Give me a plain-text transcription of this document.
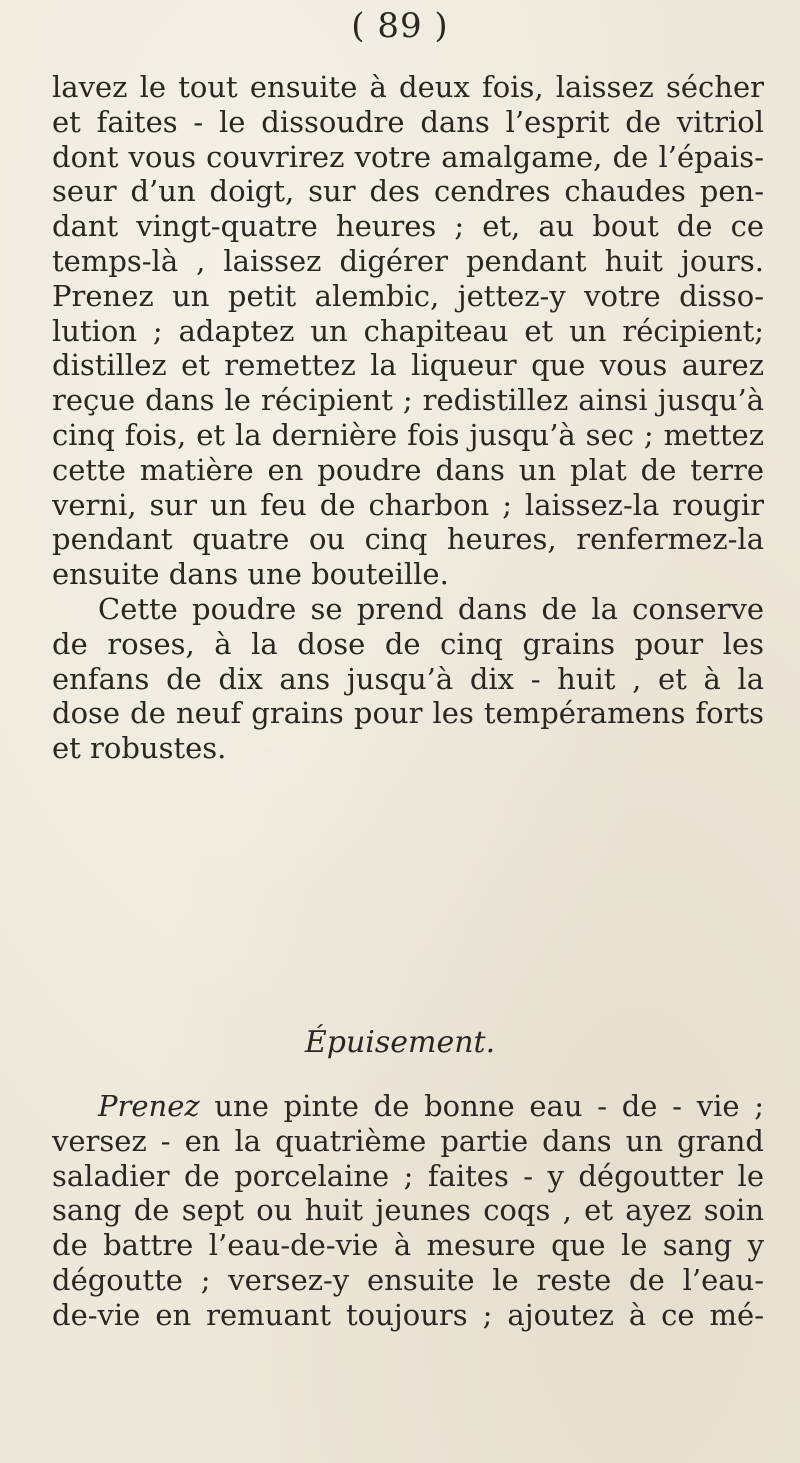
( 89 )
lavez le tout ensuite à deux fois, laissez sécher
et faites - le dissoudre dans l’esprit de vitriol
dont vous couvrirez votre amalgame, de l’épais-
seur d’un doigt, sur des cendres chaudes pen-
dant vingt-quatre heures ; et, au bout de ce
temps-là , laissez digérer pendant huit jours.
Prenez un petit alembic, jettez-y votre disso-
lution ; adaptez un chapiteau et un récipient;
distillez et remettez la liqueur que vous aurez
reçue dans le récipient ; redistillez ainsi jusqu’à
cinq fois, et la dernière fois jusqu’à sec ; mettez
cette matière en poudre dans un plat de terre
verni, sur un feu de charbon ; laissez-la rougir
pendant quatre ou cinq heures, renfermez-la
ensuite dans une bouteille.
Cette poudre se prend dans de la conserve
de roses, à la dose de cinq grains pour les
enfans de dix ans jusqu’à dix - huit , et à la
dose de neuf grains pour les tempéramens forts
et robustes.
Épuisement.
Prenez une pinte de bonne eau - de - vie ;
versez - en la quatrième partie dans un grand
saladier de porcelaine ; faites - y dégoutter le
sang de sept ou huit jeunes coqs , et ayez soin
de battre l’eau-de-vie à mesure que le sang y
dégoutte ; versez-y ensuite le reste de l’eau-
de-vie en remuant toujours ; ajoutez à ce mé-
